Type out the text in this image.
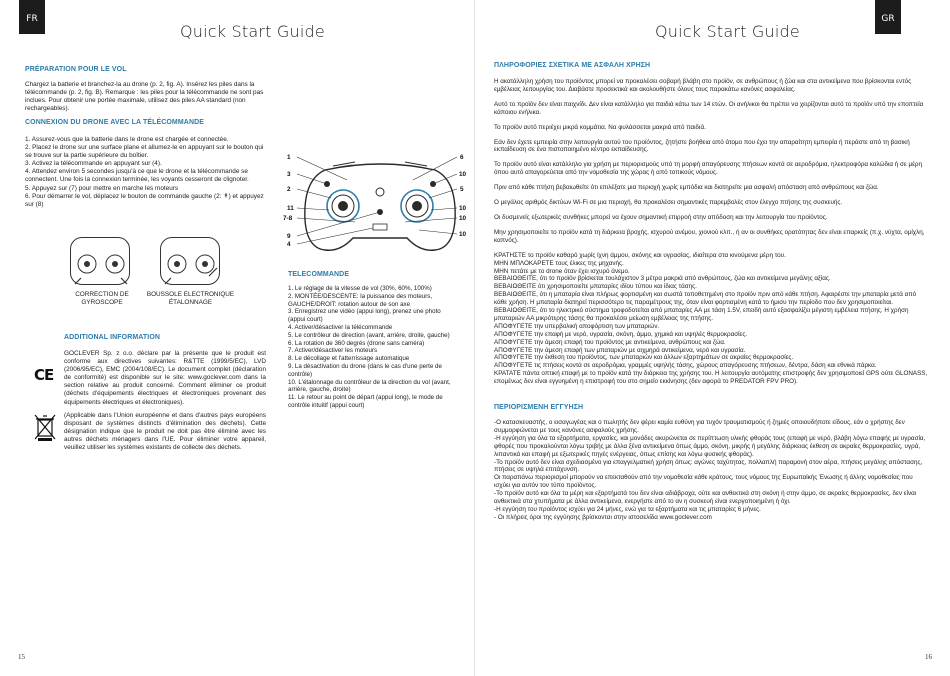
FR
Quick Start Guide
PRÉPARATION POUR LE VOL
Chargez la batterie et branchez-la au drone (p. 2, fig. A). Insérez les piles dans la télécommande (p. 2, fig. B). Remarque : les piles pour la télécommande ne sont pas inclues. Pour obtenir une portée maximale, utilisez des piles AA standard (non rechargeables).
CONNEXION DU DRONE AVEC LA TÉLÉCOMMANDE

1. Assurez-vous que la batterie dans le drone est chargée et connectée.

2. Placez le drone sur une surface plane et allumez-le en appuyant sur le bouton qui se trouve sur la partie supérieure du boîtier.

3. Activez la télécommande en appuyant sur (4).

4. Attendez environ 5 secondes jusqu'à ce que le drone et la télécommande se connectent. Une fois la connexion terminée, les voyants cesseront de clignoter.

5. Appuyez sur (7) pour mettre en marche les moteurs

6. Pour démarrer le vol, déplacez le bouton de commande gauche (2: ↟) et appuyez sur (8)

CORRECTION DE
GYROSCOPE
BOUSSOLE ELECTRONIQUE
ÉTALONNAGE
1
3
2
11
7-8
9
4
6
10
5
10
10
10
TELECOMMANDE

1. Le réglage de la vitesse de vol (30%, 60%, 100%)

2. MONTÉE/DESCENTE: la puissance des moteurs, GAUCHE/DROIT: rotation autour de son axe

3. Enregistrez une vidéo (appui long), prenez une photo (appui court)

4. Activer/désactiver la télécommande

5. Le contrôleur de direction (avant, arrière, droite, gauche)

6. La rotation de 360 degrés (drone sans caméra)

7. Activer/désactiver les moteurs

8. Le décollage et l'atterrissage automatique

9. La désactivation du drone (dans le cas d'une perte de contrôle)

10. L'étalonnage du contrôleur de la direction du vol (avant, arrière, gauche, droite)

11. Le retour au point de départ (appui long), le mode de contrôle intuitif (appui court)

ADDITIONAL INFORMATION
GOCLEVER Sp. z o.o. déclare par la présente que le produit est conforme aux directives suivantes: R&TTE (1999/5/EC), LVD (2006/95/EC), EMC (2004/108/EC). Le document complet (déclaration de conformité) est disponible sur le site: www.goclever.com dans la section relative au produit concerné. Comment éliminer ce produit (déchets d'équipements électriques et électroniques provenant des équipements électriques et électroniques).
CE
(Applicable dans l'Union européenne et dans d'autres pays européens disposant de systèmes distincts d'élimination des déchets). Cette désignation indique que le produit ne doit pas être éliminé avec les autres déchets ménagers dans l'UE. Pour éliminer votre appareil, veuillez utiliser les systèmes existants de collecte des déchets.
15
GR
Quick Start Guide
ΠΛΗΡΟΦΟΡΙΕΣ ΣΧΕΤΙΚΑ ΜΕ ΑΣΦΑΛΗ ΧΡΗΣΗ

Η ακατάλληλη χρήση του προϊόντος μπορεί να προκαλέσει σοβαρή βλάβη στο προϊόν, σε ανθρώπους ή ζώα και στα αντικείμενα που βρίσκονται εντός εμβέλειας λειτουργίας του. Διαβάστε προσεκτικά και ακολουθήστε όλους τους παρακάτω κανόνες ασφαλείας.

Αυτό το προϊόν δεν είναι παιχνίδι. Δεν είναι κατάλληλο για παιδιά κάτω των 14 ετών. Οι ανήλικοι θα πρέπει να χειρίζονται αυτό το προϊόν υπό την εποπτεία κάποιου ενήλικα.

Το προϊόν αυτό περιέχει μικρά κομμάτια. Να φυλάσσεται μακριά από παιδιά.

Εάν δεν έχετε εμπειρία στην λειτουργία αυτού του προϊόντος, ζητήστε βοήθεια από άτομο που έχει την απαραίτητη εμπειρία ή περάστε από τη βασική εκπαίδευση σε ένα πιστοποιημένο κέντρο εκπαίδευσης.

Το προϊόν αυτό είναι κατάλληλο για χρήση με περιορισμούς υπό τη μορφή απαγόρευσης πτήσεων κοντά σε αεροδρόμια, ηλεκτροφόρα καλώδια ή σε μέρη όπου αυτό απαγορεύεται από την νομοθεσία της χώρας ή από τοπικούς νόμους.

Πριν από κάθε πτήση βεβαιωθείτε ότι επιλέξατε μια περιοχή χωρίς εμπόδια και διατηρείτε μια ασφαλή απόσταση από ανθρώπους και ζώα.

Ο μεγάλος αριθμός δικτύων Wi-Fi σε μια περιοχή, θα προκαλέσει σημαντικές παρεμβολές στον έλεγχο πτήσης της συσκευής.

Οι δυσμενείς εξωτερικές συνθήκες μπορεί να έχουν σημαντική επιρροή στην απόδοση και την λειτουργία του προϊόντος.

Μην χρησιμοποιείτε το προϊόν κατά τη διάρκεια βροχής, ισχυρού ανέμου, χιονιού κλπ., ή αν οι συνθήκες ορατότητας δεν είναι επαρκείς (π.χ. νύχτα, ομίχλη, καπνός).

ΚΡΑΤΗΣΤΕ το προϊόν καθαρό χωρίς ίχνη άμμου, σκόνης και υγρασίας, ιδιαίτερα στα κινούμενα μέρη του.

ΜΗΝ ΜΠΛΟΚΑΡΕΤΕ τους έλικες της μηχανής.

ΜΗΝ πετάτε με το drone όταν έχει ισχυρό άνεμο.

ΒΕΒΑΙΩΘΕΙΤΕ, ότι το προϊόν βρίσκεται τουλάχιστον 3 μέτρα μακριά από ανθρώπους, ζώα και αντικείμενα μεγάλης αξίας.

ΒΕΒΑΙΩΘΕΙΤΕ ότι χρησιμοποιείτε μπαταρίες ιδίου τύπου και ίδιας τάσης.

ΒΕΒΑΙΩΘΕΙΤΕ, ότι η μπαταρία είναι πλήρως φορτισμένη και σωστά τοποθετημένη στο προϊόν πριν από κάθε πτήση. Αφαιρέστε την μπαταρία μετά από κάθε χρήση. Η μπαταρία διατηρεί περισσότερο τις παραμέτρους της, όταν είναι φορτισμένη κατά το ήμισυ την περίοδο που δεν χρησιμοποιείται.

ΒΕΒΑΙΩΘΕΙΤΕ, ότι το ηλεκτρικό σύστημα τροφοδοτείται από μπαταρίες ΑΑ με τάση 1.5V, επειδή αυτό εξασφαλίζει μέγιστη εμβέλεια πτήσης. Η χρήση μπαταριών ΑΑ μικρότερης τάσης θα προκαλέσει μείωση εμβέλειας της πτήσης.

ΑΠΟΦΥΓΕΤΕ την υπερβολική αποφόρτιση των μπαταριών.

ΑΠΟΦΥΓΕΤΕ την επαφή με νερό, υγρασία, σκόνη, άμμο, χημικά και υψηλές θερμοκρασίες.

ΑΠΟΦΥΓΕΤΕ την άμεση επαφή του προϊόντος με αντικείμενα, ανθρώπους και ζώα.

ΑΠΟΦΥΓΕΤΕ την άμεση επαφή των μπαταριών με αιχμηρά αντικείμενα, νερό και υγρασία.

ΑΠΟΦΥΓΕΤΕ την έκθεση του προϊόντος, των μπαταριών και άλλων εξαρτημάτων σε ακραίες θερμοκρασίες.

ΑΠΟΦΥΓΕΤΕ τις πτήσεις κοντά σε αεροδρόμια, γραμμές υψηλής τάσης, χώρους απαγόρευσης πτήσεων, δέντρα, δάση και εθνικά πάρκα.

ΚΡΑΤΑΤΕ πάντα οπτική επαφή με το προϊόν κατά την διάρκεια της χρήσης του. Η λειτουργία αυτόματης επιστροφής δεν χρησιμοποιεί GPS ούτε GLONASS, επομένως δεν είναι εγγυημένη η επιστροφή του στο σημείο εκκίνησης (δεν αφορά το PREDATOR FPV PRO).

ΠΕΡΙΟΡΙΣΜΕΝΗ ΕΓΓΥΗΣΗ

-Ο κατασκευαστής, ο εισαγωγέας και ο πωλητής δεν φέρει καμία ευθύνη για τυχόν τραυματισμούς ή ζημιές οποιουδήποτε είδους, εάν ο χρήστης δεν συμμορφώνεται με τους κανόνες ασφαλούς χρήσης.

-Η εγγύηση για όλα τα εξαρτήματα, εργασίες, και μονάδες ακυρώνεται σε περίπτωση υλικής φθοράς τους (επαφή με νερό, βλάβη λόγω επαφής με υγρασία, φθορές που προκαλούνται λόγω τριβής με άλλα ξένα αντικείμενα όπως άμμο, σκόνη, μικρής ή μεγάλης διάρκειας έκθεση σε ακραίες θερμοκρασίες, υγρά, λιπαντικά και επαφή με εξωτερικές πηγές ενέργειας, όπως επίσης και λόγω φυσικής φθοράς).

-Το προϊόν αυτό δεν είναι σχεδιασμένο για επαγγελματική χρήση όπως: αγώνες ταχύτητας, πολλαπλή παραμονή στον αέρα, πτήσεις μεγάλης απόστασης, πτήσεις σε υψηλά επιτάχυνση.

Οι παραπάνω περιορισμοί μπορούν να επεκταθούν από την νομοθεσία κάθε κράτους, τους νόμους της Ευρωπαϊκής Ένωσης ή άλλης νομοθεσίας που ισχύει για αυτόν τον τύπο προϊόντος.

-Το προϊόν αυτό και όλα τα μέρη και εξαρτήματά του δεν είναι αδιάβροχα, ούτε και ανθεκτικά στη σκόνη ή στην άμμο, σε ακραίες θερμοκρασίες, δεν είναι ανθεκτικά στα χτυπήματα με άλλα αντικείμενα, ενεργήστε από το αν η συσκευή είναι ενεργοποιημένη ή όχι.

-Η εγγύηση του προϊόντος ισχύει για 24 μήνες, ενώ για τα εξαρτήματα και τις μπαταρίες 6 μήνες.

- Οι πλήρεις όροι της εγγύησης βρίσκονται στην ιστοσελίδα www.goclever.com

16
